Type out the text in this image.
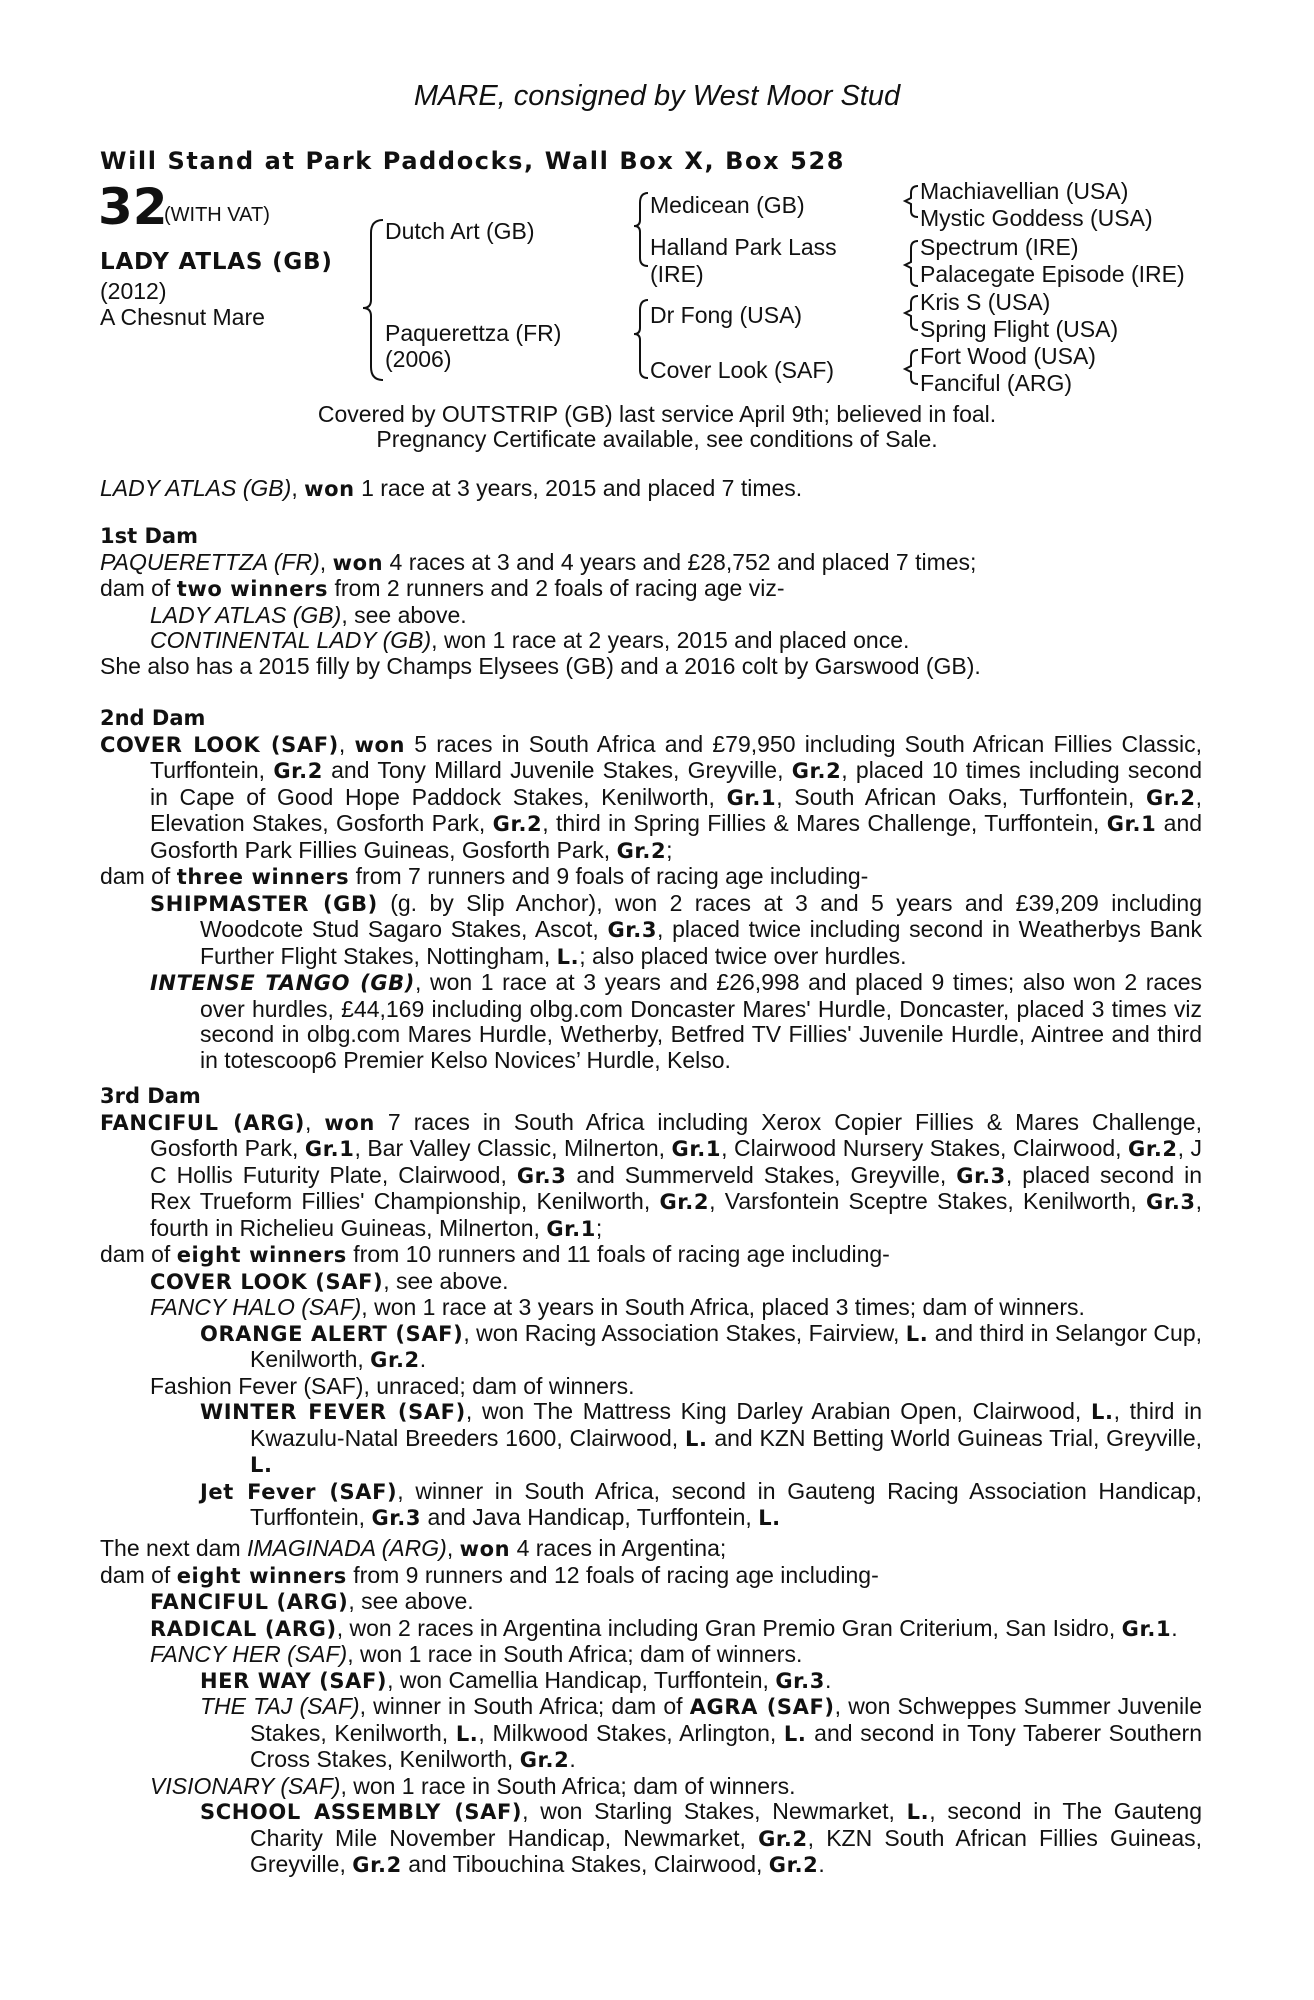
MARE, consigned by West Moor Stud
Will Stand at Park Paddocks, Wall Box X, Box 528
32
(WITH VAT)
LADY ATLAS (GB)
(2012)
A Chesnut Mare
Dutch Art (GB)
Paquerettza (FR)
(2006)
Medicean (GB)
Halland Park Lass
(IRE)
Dr Fong (USA)
Cover Look (SAF)
Machiavellian (USA)
Mystic Goddess (USA)
Spectrum (IRE)
Palacegate Episode (IRE)
Kris S (USA)
Spring Flight (USA)
Fort Wood (USA)
Fanciful (ARG)
Covered by OUTSTRIP (GB) last service April 9th; believed in foal.
Pregnancy Certificate available, see conditions of Sale.

LADY ATLAS (GB), won 1 race at 3 years, 2015 and placed 7 times.

1st Dam

PAQUERETTZA (FR), won 4 races at 3 and 4 years and £28,752 and placed 7 times;

dam of two winners from 2 runners and 2 foals of racing age viz-

LADY ATLAS (GB), see above.

CONTINENTAL LADY (GB), won 1 race at 2 years, 2015 and placed once.

She also has a 2015 filly by Champs Elysees (GB) and a 2016 colt by Garswood (GB).

2nd Dam

COVER LOOK (SAF), won 5 races in South Africa and £79,950 including South African Fillies Classic, Turffontein, Gr.2 and Tony Millard Juvenile Stakes, Greyville, Gr.2, placed 10 times including second in Cape of Good Hope Paddock Stakes, Kenilworth, Gr.1, South African Oaks, Turffontein, Gr.2, Elevation Stakes, Gosforth Park, Gr.2, third in Spring Fillies & Mares Challenge, Turffontein, Gr.1 and Gosforth Park Fillies Guineas, Gosforth Park, Gr.2;

dam of three winners from 7 runners and 9 foals of racing age including-

SHIPMASTER (GB) (g. by Slip Anchor), won 2 races at 3 and 5 years and £39,209 including Woodcote Stud Sagaro Stakes, Ascot, Gr.3, placed twice including second in Weatherbys Bank Further Flight Stakes, Nottingham, L.; also placed twice over hurdles.

INTENSE TANGO (GB), won 1 race at 3 years and £26,998 and placed 9 times; also won 2 races over hurdles, £44,169 including olbg.com Doncaster Mares' Hurdle, Doncaster, placed 3 times viz second in olbg.com Mares Hurdle, Wetherby, Betfred TV Fillies' Juvenile Hurdle, Aintree and third in totescoop6 Premier Kelso Novices’ Hurdle, Kelso.

3rd Dam

FANCIFUL (ARG), won 7 races in South Africa including Xerox Copier Fillies & Mares Challenge, Gosforth Park, Gr.1, Bar Valley Classic, Milnerton, Gr.1, Clairwood Nursery Stakes, Clairwood, Gr.2, J C Hollis Futurity Plate, Clairwood, Gr.3 and Summerveld Stakes, Greyville, Gr.3, placed second in Rex Trueform Fillies' Championship, Kenilworth, Gr.2, Varsfontein Sceptre Stakes, Kenilworth, Gr.3, fourth in Richelieu Guineas, Milnerton, Gr.1;

dam of eight winners from 10 runners and 11 foals of racing age including-

COVER LOOK (SAF), see above.

FANCY HALO (SAF), won 1 race at 3 years in South Africa, placed 3 times; dam of winners.

ORANGE ALERT (SAF), won Racing Association Stakes, Fairview, L. and third in Selangor Cup, Kenilworth, Gr.2.

Fashion Fever (SAF), unraced; dam of winners.

WINTER FEVER (SAF), won The Mattress King Darley Arabian Open, Clairwood, L., third in Kwazulu-Natal Breeders 1600, Clairwood, L. and KZN Betting World Guineas Trial, Greyville, L.

Jet Fever (SAF), winner in South Africa, second in Gauteng Racing Association Handicap, Turffontein, Gr.3 and Java Handicap, Turffontein, L.

The next dam IMAGINADA (ARG), won 4 races in Argentina;

dam of eight winners from 9 runners and 12 foals of racing age including-

FANCIFUL (ARG), see above.

RADICAL (ARG), won 2 races in Argentina including Gran Premio Gran Criterium, San Isidro, Gr.1.

FANCY HER (SAF), won 1 race in South Africa; dam of winners.

HER WAY (SAF), won Camellia Handicap, Turffontein, Gr.3.

THE TAJ (SAF), winner in South Africa; dam of AGRA (SAF), won Schweppes Summer Juvenile Stakes, Kenilworth, L., Milkwood Stakes, Arlington, L. and second in Tony Taberer Southern Cross Stakes, Kenilworth, Gr.2.

VISIONARY (SAF), won 1 race in South Africa; dam of winners.

SCHOOL ASSEMBLY (SAF), won Starling Stakes, Newmarket, L., second in The Gauteng Charity Mile November Handicap, Newmarket, Gr.2, KZN South African Fillies Guineas, Greyville, Gr.2 and Tibouchina Stakes, Clairwood, Gr.2.
